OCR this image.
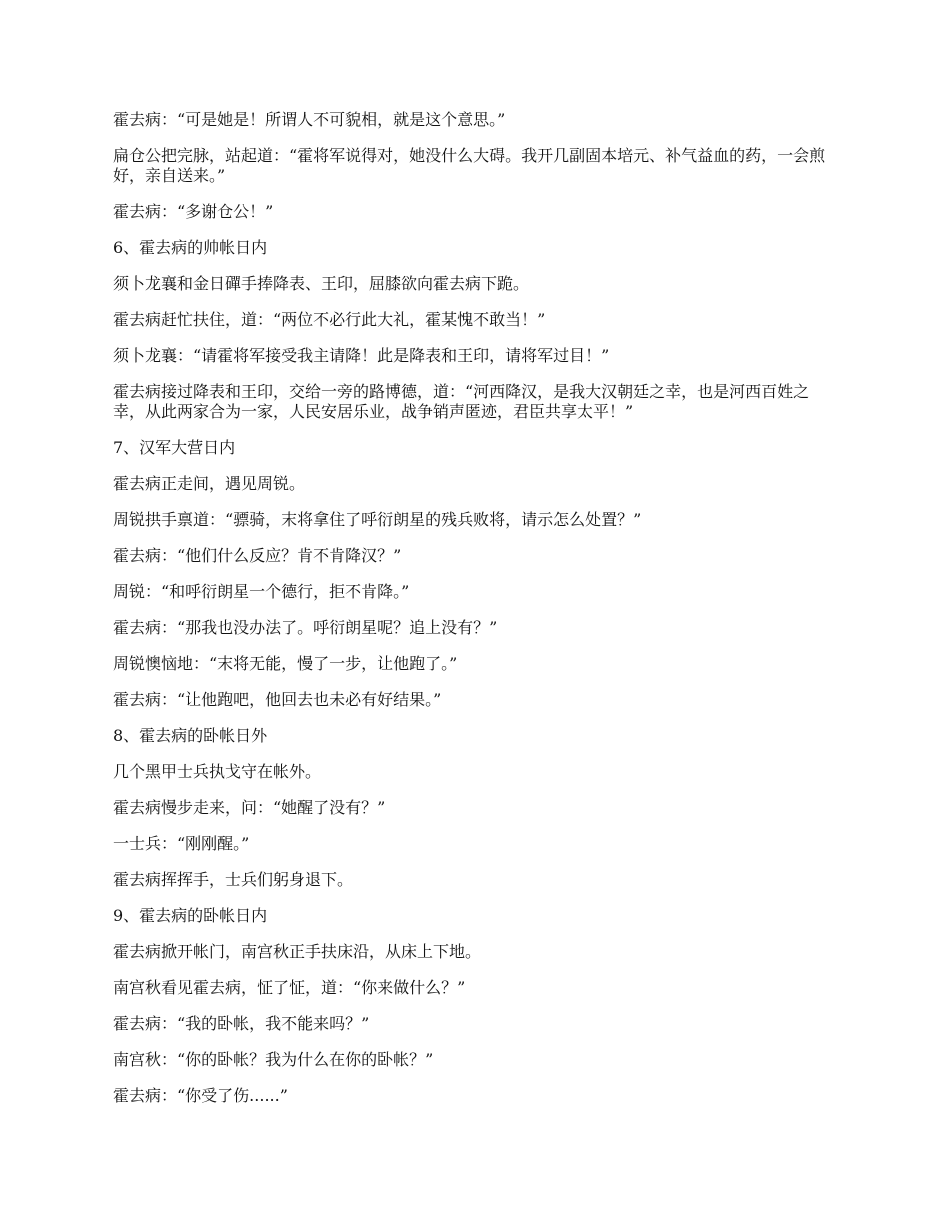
霍去病：“可是她是！所谓人不可貌相，就是这个意思。”

扁仓公把完脉，站起道：“霍将军说得对，她没什么大碍。我开几副固本培元、补气益血的药，一会煎好，亲自送来。”

霍去病：“多谢仓公！”

6、霍去病的帅帐日内

须卜龙襄和金日磾手捧降表、王印，屈膝欲向霍去病下跪。

霍去病赶忙扶住，道：“两位不必行此大礼，霍某愧不敢当！”

须卜龙襄：“请霍将军接受我主请降！此是降表和王印，请将军过目！”

霍去病接过降表和王印，交给一旁的路博德，道：“河西降汉，是我大汉朝廷之幸，也是河西百姓之幸，从此两家合为一家，人民安居乐业，战争销声匿迹，君臣共享太平！”

7、汉军大营日内

霍去病正走间，遇见周锐。

周锐拱手禀道：“骠骑，末将拿住了呼衍朗星的残兵败将，请示怎么处置？”

霍去病：“他们什么反应？肯不肯降汉？”

周锐：“和呼衍朗星一个德行，拒不肯降。”

霍去病：“那我也没办法了。呼衍朗星呢？追上没有？”

周锐懊恼地：“末将无能，慢了一步，让他跑了。”

霍去病：“让他跑吧，他回去也未必有好结果。”

8、霍去病的卧帐日外

几个黑甲士兵执戈守在帐外。

霍去病慢步走来，问：“她醒了没有？”

一士兵：“刚刚醒。”

霍去病挥挥手，士兵们躬身退下。

9、霍去病的卧帐日内

霍去病掀开帐门，南宫秋正手扶床沿，从床上下地。

南宫秋看见霍去病，怔了怔，道：“你来做什么？”

霍去病：“我的卧帐，我不能来吗？”

南宫秋：“你的卧帐？我为什么在你的卧帐？”

霍去病：“你受了伤......”
